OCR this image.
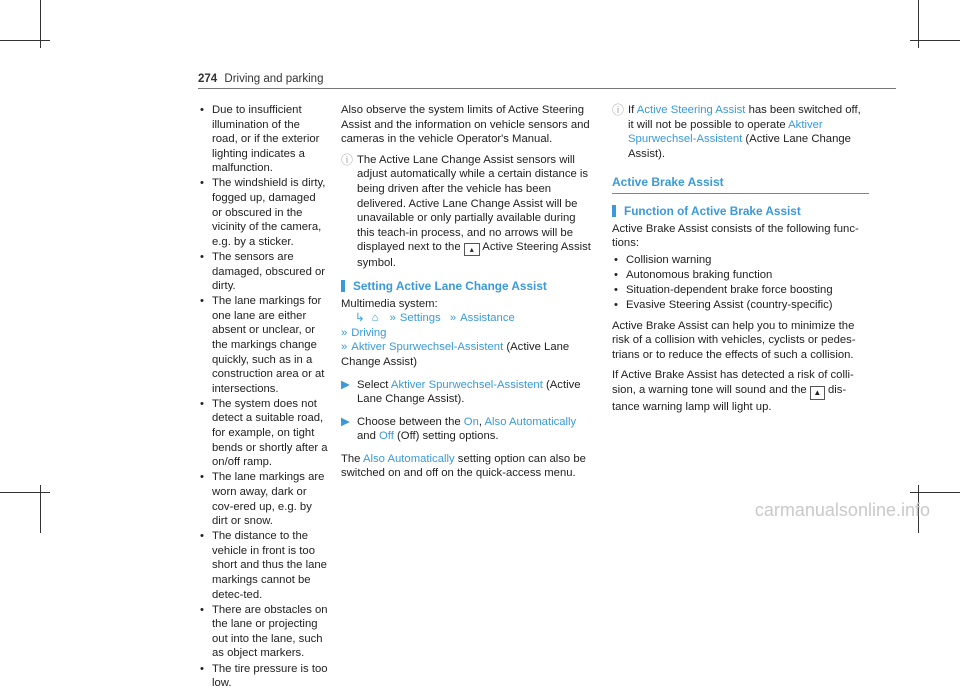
274 Driving and parking
• Due to insufficient illumination of the road, or if the exterior lighting indicates a malfunction.
• The windshield is dirty, fogged up, damaged or obscured in the vicinity of the camera, e.g. by a sticker.
• The sensors are damaged, obscured or dirty.
• The lane markings for one lane are either absent or unclear, or the markings change quickly, such as in a construction area or at intersections.
• The system does not detect a suitable road, for example, on tight bends or shortly after a on/off ramp.
• The lane markings are worn away, dark or cov-ered up, e.g. by dirt or snow.
• The distance to the vehicle in front is too short and thus the lane markings cannot be detec-ted.
• There are obstacles on the lane or projecting out into the lane, such as object markers.
• The tire pressure is too low.

Also observe the system limits of Active Steering Assist and the information on vehicle sensors and cameras in the vehicle Operator's Manual.

ⓘ The Active Lane Change Assist sensors will adjust automatically while a certain distance is being driven after the vehicle has been delivered. Active Lane Change Assist will be unavailable or only partially available during this teach-in process, and no arrows will be displayed next to the ▴ Active Steering Assist symbol.
Setting Active Lane Change Assist
Multimedia system:
↳ ⌂ » Settings » Assistance
» Driving
» Aktiver Spurwechsel-Assistent (Active Lane Change Assist)
▶ Select Aktiver Spurwechsel-Assistent (Active Lane Change Assist).
▶ Choose between the On, Also Automatically and Off (Off) setting options.

The Also Automatically setting option can also be switched on and off on the quick-access menu.

ⓘ If Active Steering Assist has been switched off, it will not be possible to operate Aktiver Spurwechsel-Assistent (Active Lane Change Assist).
Active Brake Assist
Function of Active Brake Assist

Active Brake Assist consists of the following func-tions:

• Collision warning
• Autonomous braking function
• Situation-dependent brake force boosting
• Evasive Steering Assist (country-specific)

Active Brake Assist can help you to minimize the risk of a collision with vehicles, cyclists or pedes-trians or to reduce the effects of such a collision.

If Active Brake Assist has detected a risk of colli-sion, a warning tone will sound and the ▲ dis-tance warning lamp will light up.

carmanualsonline.info
